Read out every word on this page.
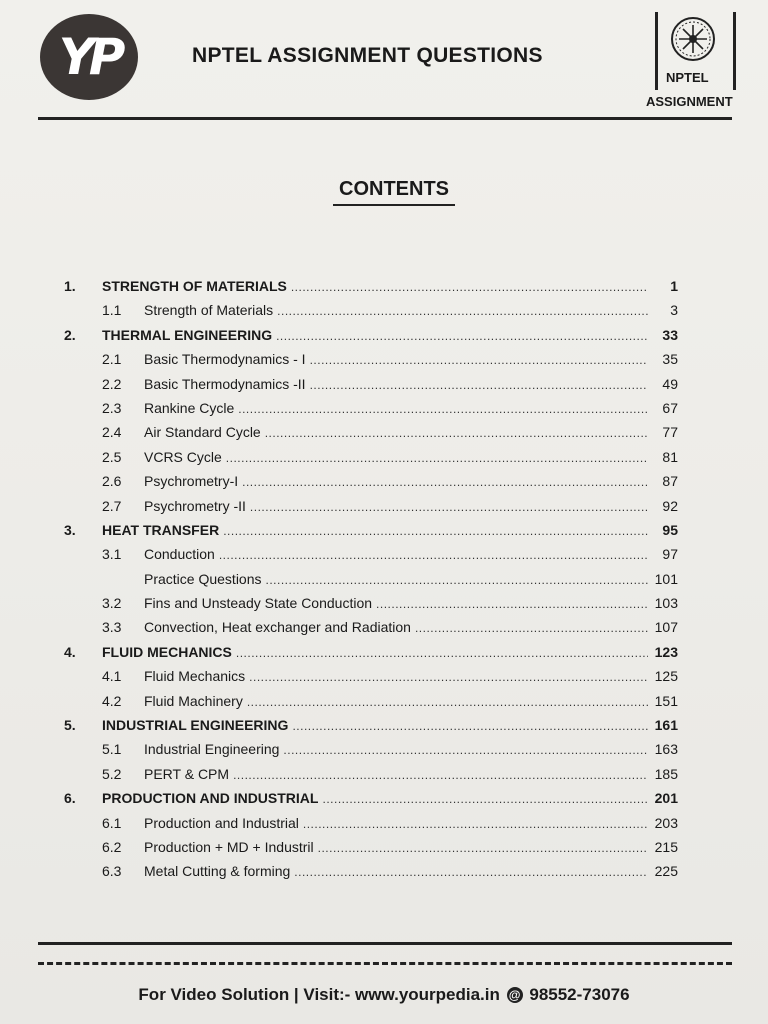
YP	NPTEL ASSIGNMENT QUESTIONS
NPTEL
ASSIGNMENT
CONTENTS
1.	STRENGTH OF MATERIALS .....	1
1.1	Strength of Materials .....	3
2.	THERMAL ENGINEERING .....	33
2.1	Basic Thermodynamics - I .....	35
2.2	Basic Thermodynamics -II .....	49
2.3	Rankine Cycle .....	67
2.4	Air Standard Cycle .....	77
2.5	VCRS Cycle .....	81
2.6	Psychrometry-I .....	87
2.7	Psychrometry -II .....	92
3.	HEAT TRANSFER .....	95
3.1	Conduction .....	97
Practice Questions .....	101
3.2	Fins and Unsteady State Conduction .....	103
3.3	Convection, Heat exchanger and Radiation .....	107
4.	FLUID MECHANICS .....	123
4.1	Fluid Mechanics .....	125
4.2	Fluid Machinery .....	151
5.	INDUSTRIAL ENGINEERING .....	161
5.1	Industrial Engineering .....	163
5.2	PERT & CPM .....	185
6.	PRODUCTION AND INDUSTRIAL .....	201
6.1	Production and Industrial .....	203
6.2	Production + MD + Industril .....	215
6.3	Metal Cutting & forming .....	225
For Video Solution | Visit:- www.yourpedia.in @ 98552-73076
